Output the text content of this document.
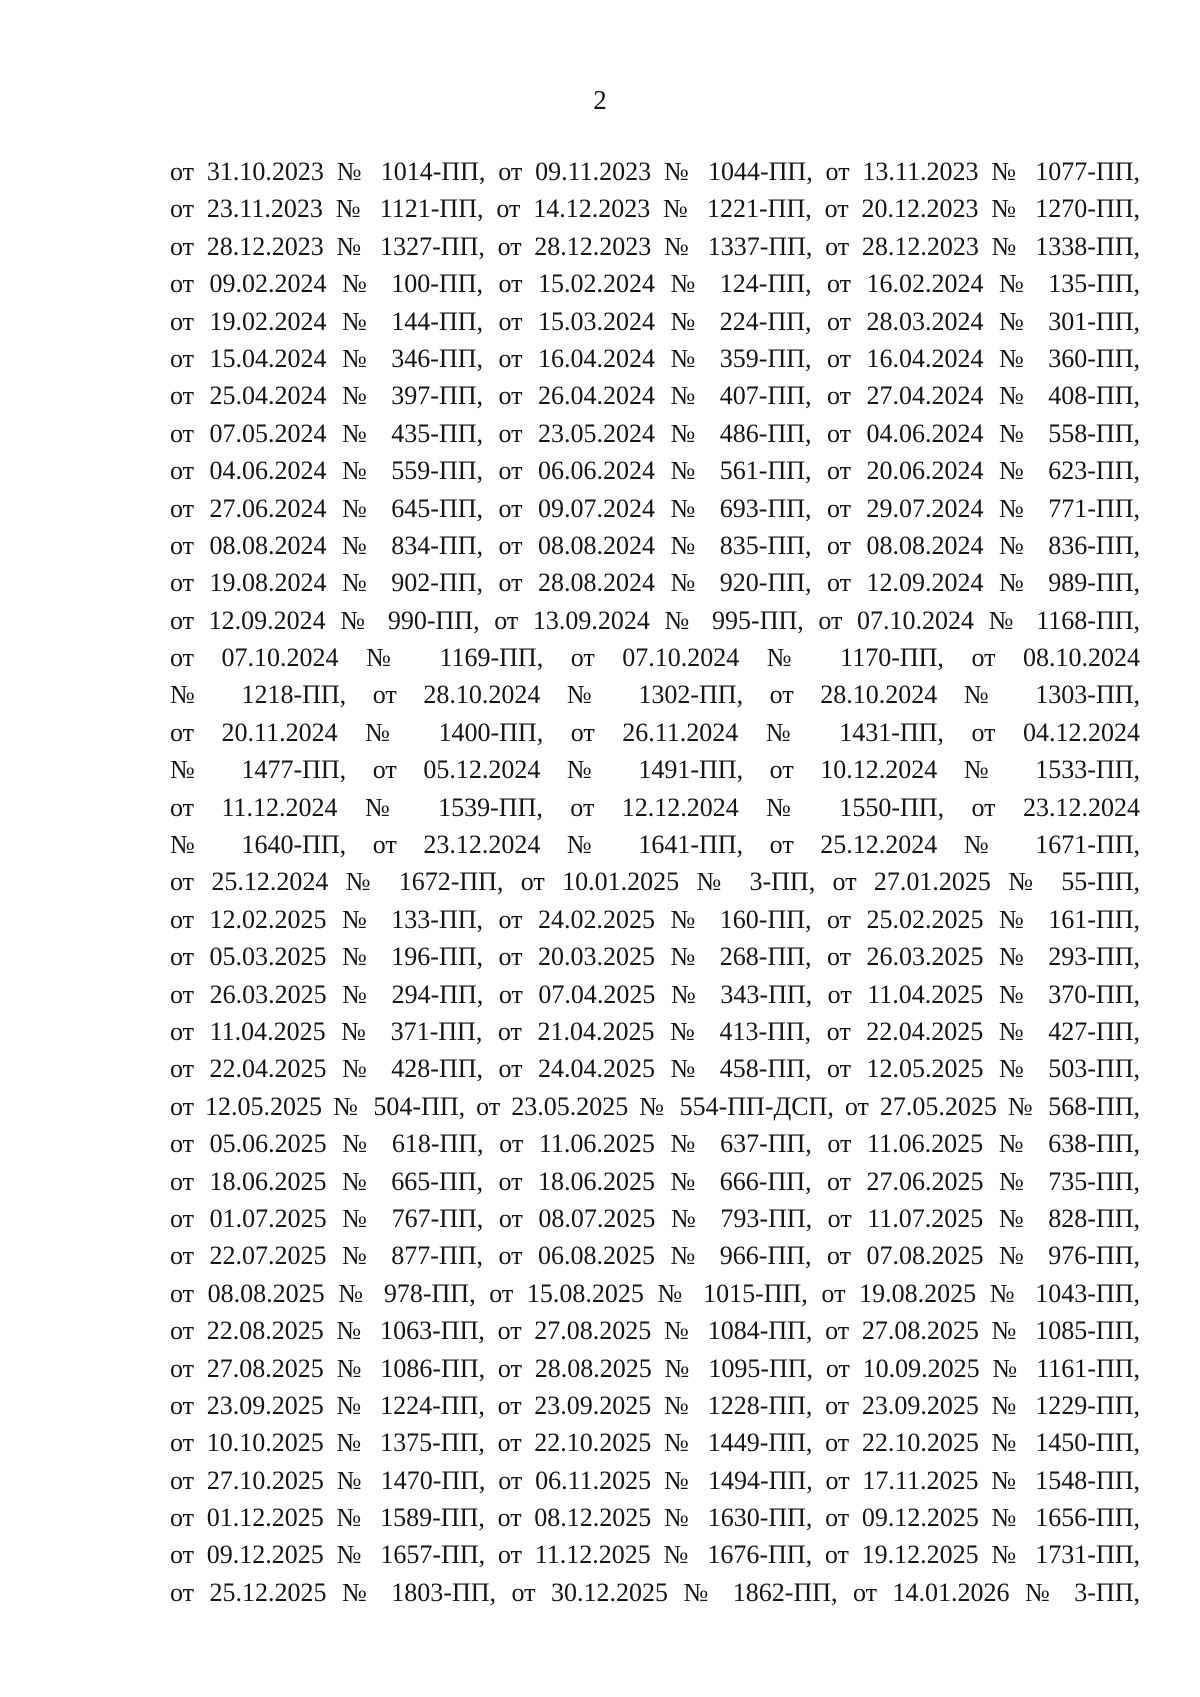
2
от 31.10.2023 № 1014-ПП, от 09.11.2023 № 1044-ПП, от 13.11.2023 № 1077-ПП,
от 23.11.2023 № 1121-ПП, от 14.12.2023 № 1221-ПП, от 20.12.2023 № 1270-ПП,
от 28.12.2023 № 1327-ПП, от 28.12.2023 № 1337-ПП, от 28.12.2023 № 1338-ПП,
от 09.02.2024 № 100-ПП, от 15.02.2024 № 124-ПП, от 16.02.2024 № 135-ПП,
от 19.02.2024 № 144-ПП, от 15.03.2024 № 224-ПП, от 28.03.2024 № 301-ПП,
от 15.04.2024 № 346-ПП, от 16.04.2024 № 359-ПП, от 16.04.2024 № 360-ПП,
от 25.04.2024 № 397-ПП, от 26.04.2024 № 407-ПП, от 27.04.2024 № 408-ПП,
от 07.05.2024 № 435-ПП, от 23.05.2024 № 486-ПП, от 04.06.2024 № 558-ПП,
от 04.06.2024 № 559-ПП, от 06.06.2024 № 561-ПП, от 20.06.2024 № 623-ПП,
от 27.06.2024 № 645-ПП, от 09.07.2024 № 693-ПП, от 29.07.2024 № 771-ПП,
от 08.08.2024 № 834-ПП, от 08.08.2024 № 835-ПП, от 08.08.2024 № 836-ПП,
от 19.08.2024 № 902-ПП, от 28.08.2024 № 920-ПП, от 12.09.2024 № 989-ПП,
от 12.09.2024 № 990-ПП, от 13.09.2024 № 995-ПП, от 07.10.2024 № 1168-ПП,
от 07.10.2024 № 1169-ПП, от 07.10.2024 № 1170-ПП, от 08.10.2024
№ 1218-ПП, от 28.10.2024 № 1302-ПП, от 28.10.2024 № 1303-ПП,
от 20.11.2024 № 1400-ПП, от 26.11.2024 № 1431-ПП, от 04.12.2024
№ 1477-ПП, от 05.12.2024 № 1491-ПП, от 10.12.2024 № 1533-ПП,
от 11.12.2024 № 1539-ПП, от 12.12.2024 № 1550-ПП, от 23.12.2024
№ 1640-ПП, от 23.12.2024 № 1641-ПП, от 25.12.2024 № 1671-ПП,
от 25.12.2024 № 1672-ПП, от 10.01.2025 № 3-ПП, от 27.01.2025 № 55-ПП,
от 12.02.2025 № 133-ПП, от 24.02.2025 № 160-ПП, от 25.02.2025 № 161-ПП,
от 05.03.2025 № 196-ПП, от 20.03.2025 № 268-ПП, от 26.03.2025 № 293-ПП,
от 26.03.2025 № 294-ПП, от 07.04.2025 № 343-ПП, от 11.04.2025 № 370-ПП,
от 11.04.2025 № 371-ПП, от 21.04.2025 № 413-ПП, от 22.04.2025 № 427-ПП,
от 22.04.2025 № 428-ПП, от 24.04.2025 № 458-ПП, от 12.05.2025 № 503-ПП,
от 12.05.2025 № 504-ПП, от 23.05.2025 № 554-ПП-ДСП, от 27.05.2025 № 568-ПП,
от 05.06.2025 № 618-ПП, от 11.06.2025 № 637-ПП, от 11.06.2025 № 638-ПП,
от 18.06.2025 № 665-ПП, от 18.06.2025 № 666-ПП, от 27.06.2025 № 735-ПП,
от 01.07.2025 № 767-ПП, от 08.07.2025 № 793-ПП, от 11.07.2025 № 828-ПП,
от 22.07.2025 № 877-ПП, от 06.08.2025 № 966-ПП, от 07.08.2025 № 976-ПП,
от 08.08.2025 № 978-ПП, от 15.08.2025 № 1015-ПП, от 19.08.2025 № 1043-ПП,
от 22.08.2025 № 1063-ПП, от 27.08.2025 № 1084-ПП, от 27.08.2025 № 1085-ПП,
от 27.08.2025 № 1086-ПП, от 28.08.2025 № 1095-ПП, от 10.09.2025 № 1161-ПП,
от 23.09.2025 № 1224-ПП, от 23.09.2025 № 1228-ПП, от 23.09.2025 № 1229-ПП,
от 10.10.2025 № 1375-ПП, от 22.10.2025 № 1449-ПП, от 22.10.2025 № 1450-ПП,
от 27.10.2025 № 1470-ПП, от 06.11.2025 № 1494-ПП, от 17.11.2025 № 1548-ПП,
от 01.12.2025 № 1589-ПП, от 08.12.2025 № 1630-ПП, от 09.12.2025 № 1656-ПП,
от 09.12.2025 № 1657-ПП, от 11.12.2025 № 1676-ПП, от 19.12.2025 № 1731-ПП,
от 25.12.2025 № 1803-ПП, от 30.12.2025 № 1862-ПП, от 14.01.2026 № 3-ПП,
